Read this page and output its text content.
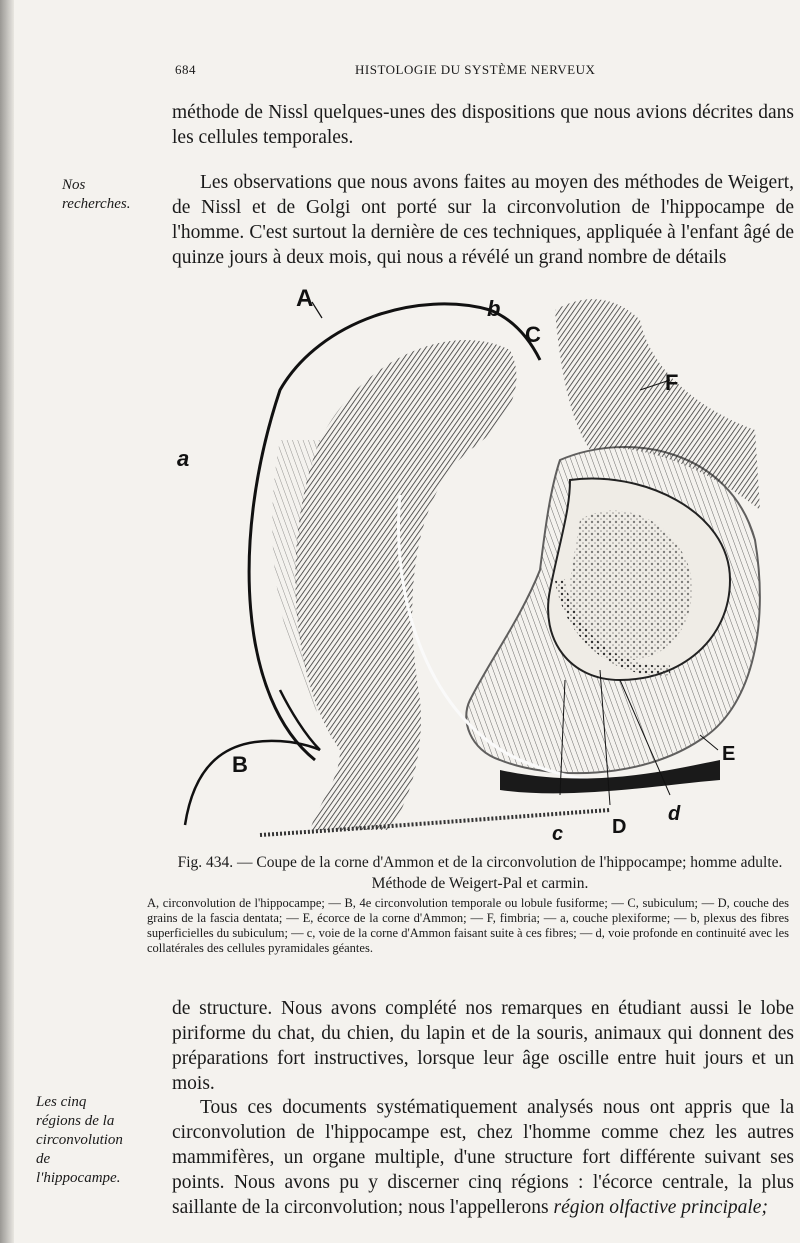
684	HISTOLOGIE DU SYSTÈME NERVEUX

méthode de Nissl quelques-unes des dispositions que nous avions décrites dans les cellules temporales.

Nos recherches.

Les observations que nous avons faites au moyen des méthodes de Weigert, de Nissl et de Golgi ont porté sur la circonvolution de l'hippocampe de l'homme. C'est surtout la dernière de ces techniques, appliquée à l'enfant âgé de quinze jours à deux mois, qui nous a révélé un grand nombre de détails

A	b
C
F
a
B	E
c D
d
Fig. 434. — Coupe de la corne d'Ammon et de la circonvolution de l'hippocampe; homme adulte. Méthode de Weigert-Pal et carmin.
A, circonvolution de l'hippocampe; — B, 4e circonvolution temporale ou lobule fusiforme; — C, subiculum; — D, couche des grains de la fascia dentata; — E, écorce de la corne d'Ammon; — F, fimbria; — a, couche plexiforme; — b, plexus des fibres superficielles du subiculum; — c, voie de la corne d'Ammon faisant suite à ces fibres; — d, voie profonde en continuité avec les collatérales des cellules pyramidales géantes.

de structure. Nous avons complété nos remarques en étudiant aussi le lobe piriforme du chat, du chien, du lapin et de la souris, animaux qui donnent des préparations fort instructives, lorsque leur âge oscille entre huit jours et un mois.

Les cinq régions de la circonvolution de l'hippocampe.

Tous ces documents systématiquement analysés nous ont appris que la circonvolution de l'hippocampe est, chez l'homme comme chez les autres mammifères, un organe multiple, d'une structure fort différente suivant ses points. Nous avons pu y discerner cinq régions : l'écorce centrale, la plus saillante de la circonvolution; nous l'appellerons région olfactive principale;
